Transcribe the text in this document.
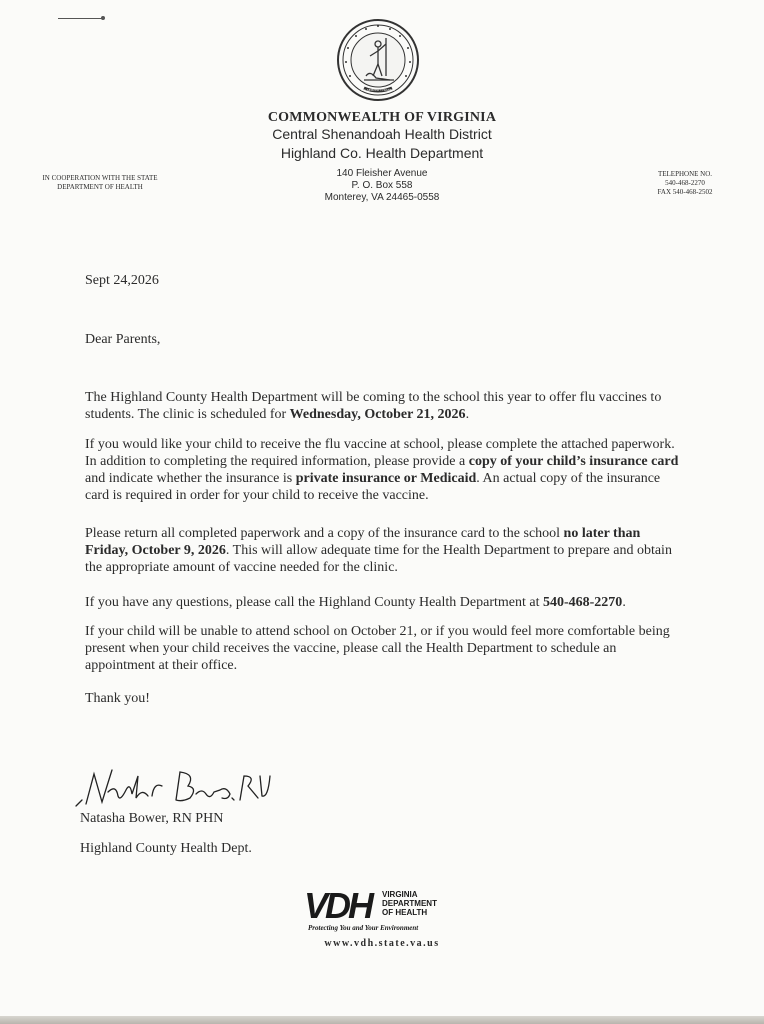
SIC SEMPER TYRANNIS
COMMONWEALTH OF VIRGINIA
Central Shenandoah Health District
Highland Co. Health Department
140 Fleisher Avenue
P. O. Box 558
Monterey, VA 24465-0558
IN COOPERATION WITH THE STATE
DEPARTMENT OF HEALTH
TELEPHONE NO.
540-468-2270
FAX 540-468-2502
Sept 24,2026
Dear Parents,

The Highland County Health Department will be coming to the school this year to offer flu vaccines to students. The clinic is scheduled for Wednesday, October 21, 2026.

If you would like your child to receive the flu vaccine at school, please complete the attached paperwork. In addition to completing the required information, please provide a copy of your child’s insurance card and indicate whether the insurance is private insurance or Medicaid. An actual copy of the insurance card is required in order for your child to receive the vaccine.

Please return all completed paperwork and a copy of the insurance card to the school no later than Friday, October 9, 2026. This will allow adequate time for the Health Department to prepare and obtain the appropriate amount of vaccine needed for the clinic.

If you have any questions, please call the Highland County Health Department at 540-468-2270.

If your child will be unable to attend school on October 21, or if you would feel more comfortable being present when your child receives the vaccine, please call the Health Department to schedule an appointment at their office.

Thank you!
Natasha Bower, RN PHN
Highland County Health Dept.
VDH VIRGINIA
DEPARTMENT
OF HEALTH
Protecting You and Your Environment
www.vdh.state.va.us
